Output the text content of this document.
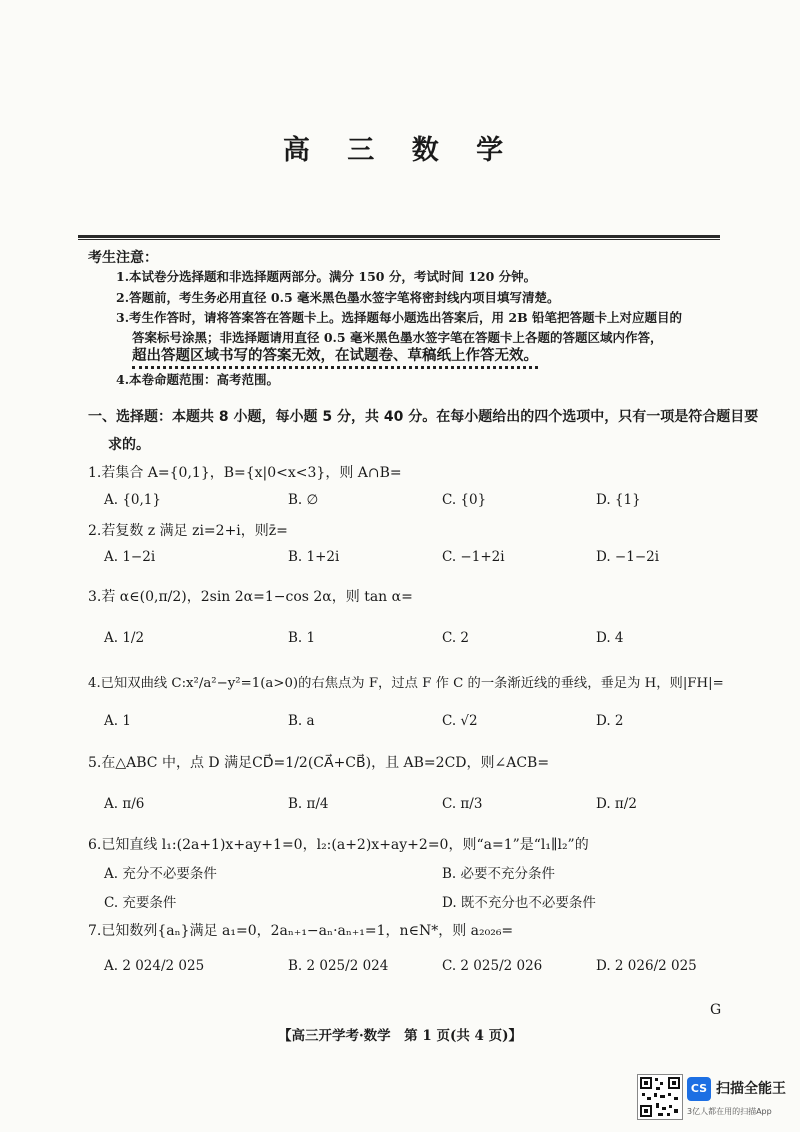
高 三 数 学
考生注意：
1.本试卷分选择题和非选择题两部分。满分 150 分，考试时间 120 分钟。
2.答题前，考生务必用直径 0.5 毫米黑色墨水签字笔将密封线内项目填写清楚。
3.考生作答时，请将答案答在答题卡上。选择题每小题选出答案后，用 2B 铅笔把答题卡上对应题目的
答案标号涂黑；非选择题请用直径 0.5 毫米黑色墨水签字笔在答题卡上各题的答题区域内作答，
超出答题区域书写的答案无效，在试题卷、草稿纸上作答无效。
4.本卷命题范围：高考范围。
一、选择题：本题共 8 小题，每小题 5 分，共 40 分。在每小题给出的四个选项中，只有一项是符合题目要
求的。
1.若集合 A={0,1}，B={x|0<x<3}，则 A∩B=
A. {0,1}	B. ∅	C. {0}	D. {1}
2.若复数 z 满足 zi=2+i，则z̄=
A. 1−2i	B. 1+2i	C. −1+2i	D. −1−2i
3.若 α∈(0,π/2)，2sin 2α=1−cos 2α，则 tan α=
A. 1/2	B. 1	C. 2	D. 4
4.已知双曲线 C:x²/a²−y²=1(a>0)的右焦点为 F，过点 F 作 C 的一条渐近线的垂线，垂足为 H，则|FH|=
A. 1	B. a	C. √2	D. 2
5.在△ABC 中，点 D 满足CD⃗=1/2(CA⃗+CB⃗)，且 AB=2CD，则∠ACB=
A. π/6	B. π/4	C. π/3	D. π/2
6.已知直线 l₁:(2a+1)x+ay+1=0，l₂:(a+2)x+ay+2=0，则“a=1”是“l₁∥l₂”的
A. 充分不必要条件	B. 必要不充分条件
C. 充要条件	D. 既不充分也不必要条件
7.已知数列{aₙ}满足 a₁=0，2aₙ₊₁−aₙ·aₙ₊₁=1，n∈N*，则 a₂₀₂₆=
A. 2 024/2 025	B. 2 025/2 024	C. 2 025/2 026	D. 2 026/2 025
【高三开学考·数学　第 1 页(共 4 页)】
G
CS 扫描全能王
3亿人都在用的扫描App
